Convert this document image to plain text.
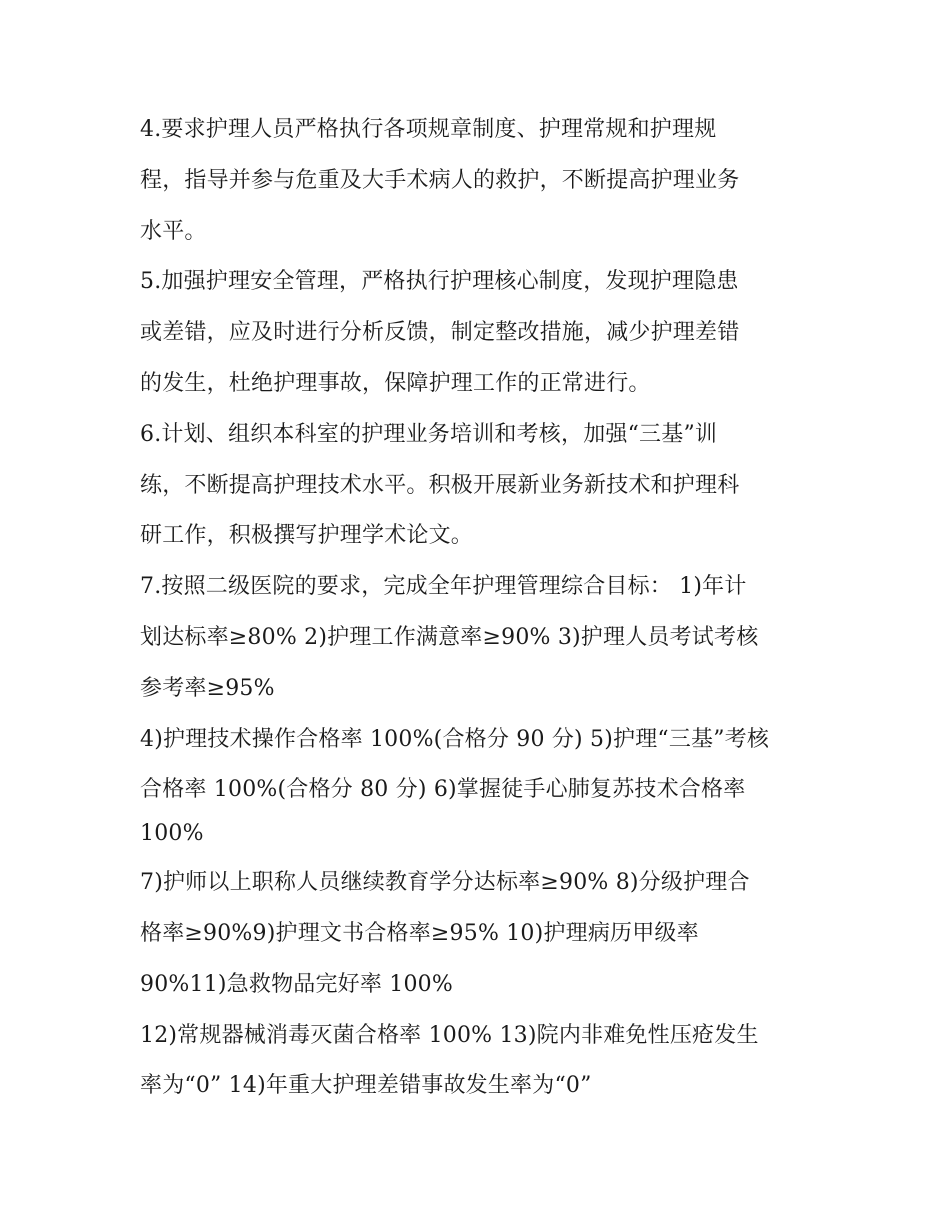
4.要求护理人员严格执行各项规章制度、护理常规和护理规
程，指导并参与危重及大手术病人的救护，不断提高护理业务
水平。
5.加强护理安全管理，严格执行护理核心制度，发现护理隐患
或差错，应及时进行分析反馈，制定整改措施，减少护理差错
的发生，杜绝护理事故，保障护理工作的正常进行。
6.计划、组织本科室的护理业务培训和考核，加强“三基”训
练，不断提高护理技术水平。积极开展新业务新技术和护理科
研工作，积极撰写护理学术论文。
7.按照二级医院的要求，完成全年护理管理综合目标： 1)年计
划达标率≥80% 2)护理工作满意率≥90% 3)护理人员考试考核
参考率≥95%
4)护理技术操作合格率 100%(合格分 90 分) 5)护理“三基”考核
合格率 100%(合格分 80 分) 6)掌握徒手心肺复苏技术合格率
100%
7)护师以上职称人员继续教育学分达标率≥90% 8)分级护理合
格率≥90%9)护理文书合格率≥95% 10)护理病历甲级率
90%11)急救物品完好率 100%
12)常规器械消毒灭菌合格率 100% 13)院内非难免性压疮发生
率为“0” 14)年重大护理差错事故发生率为“0”
